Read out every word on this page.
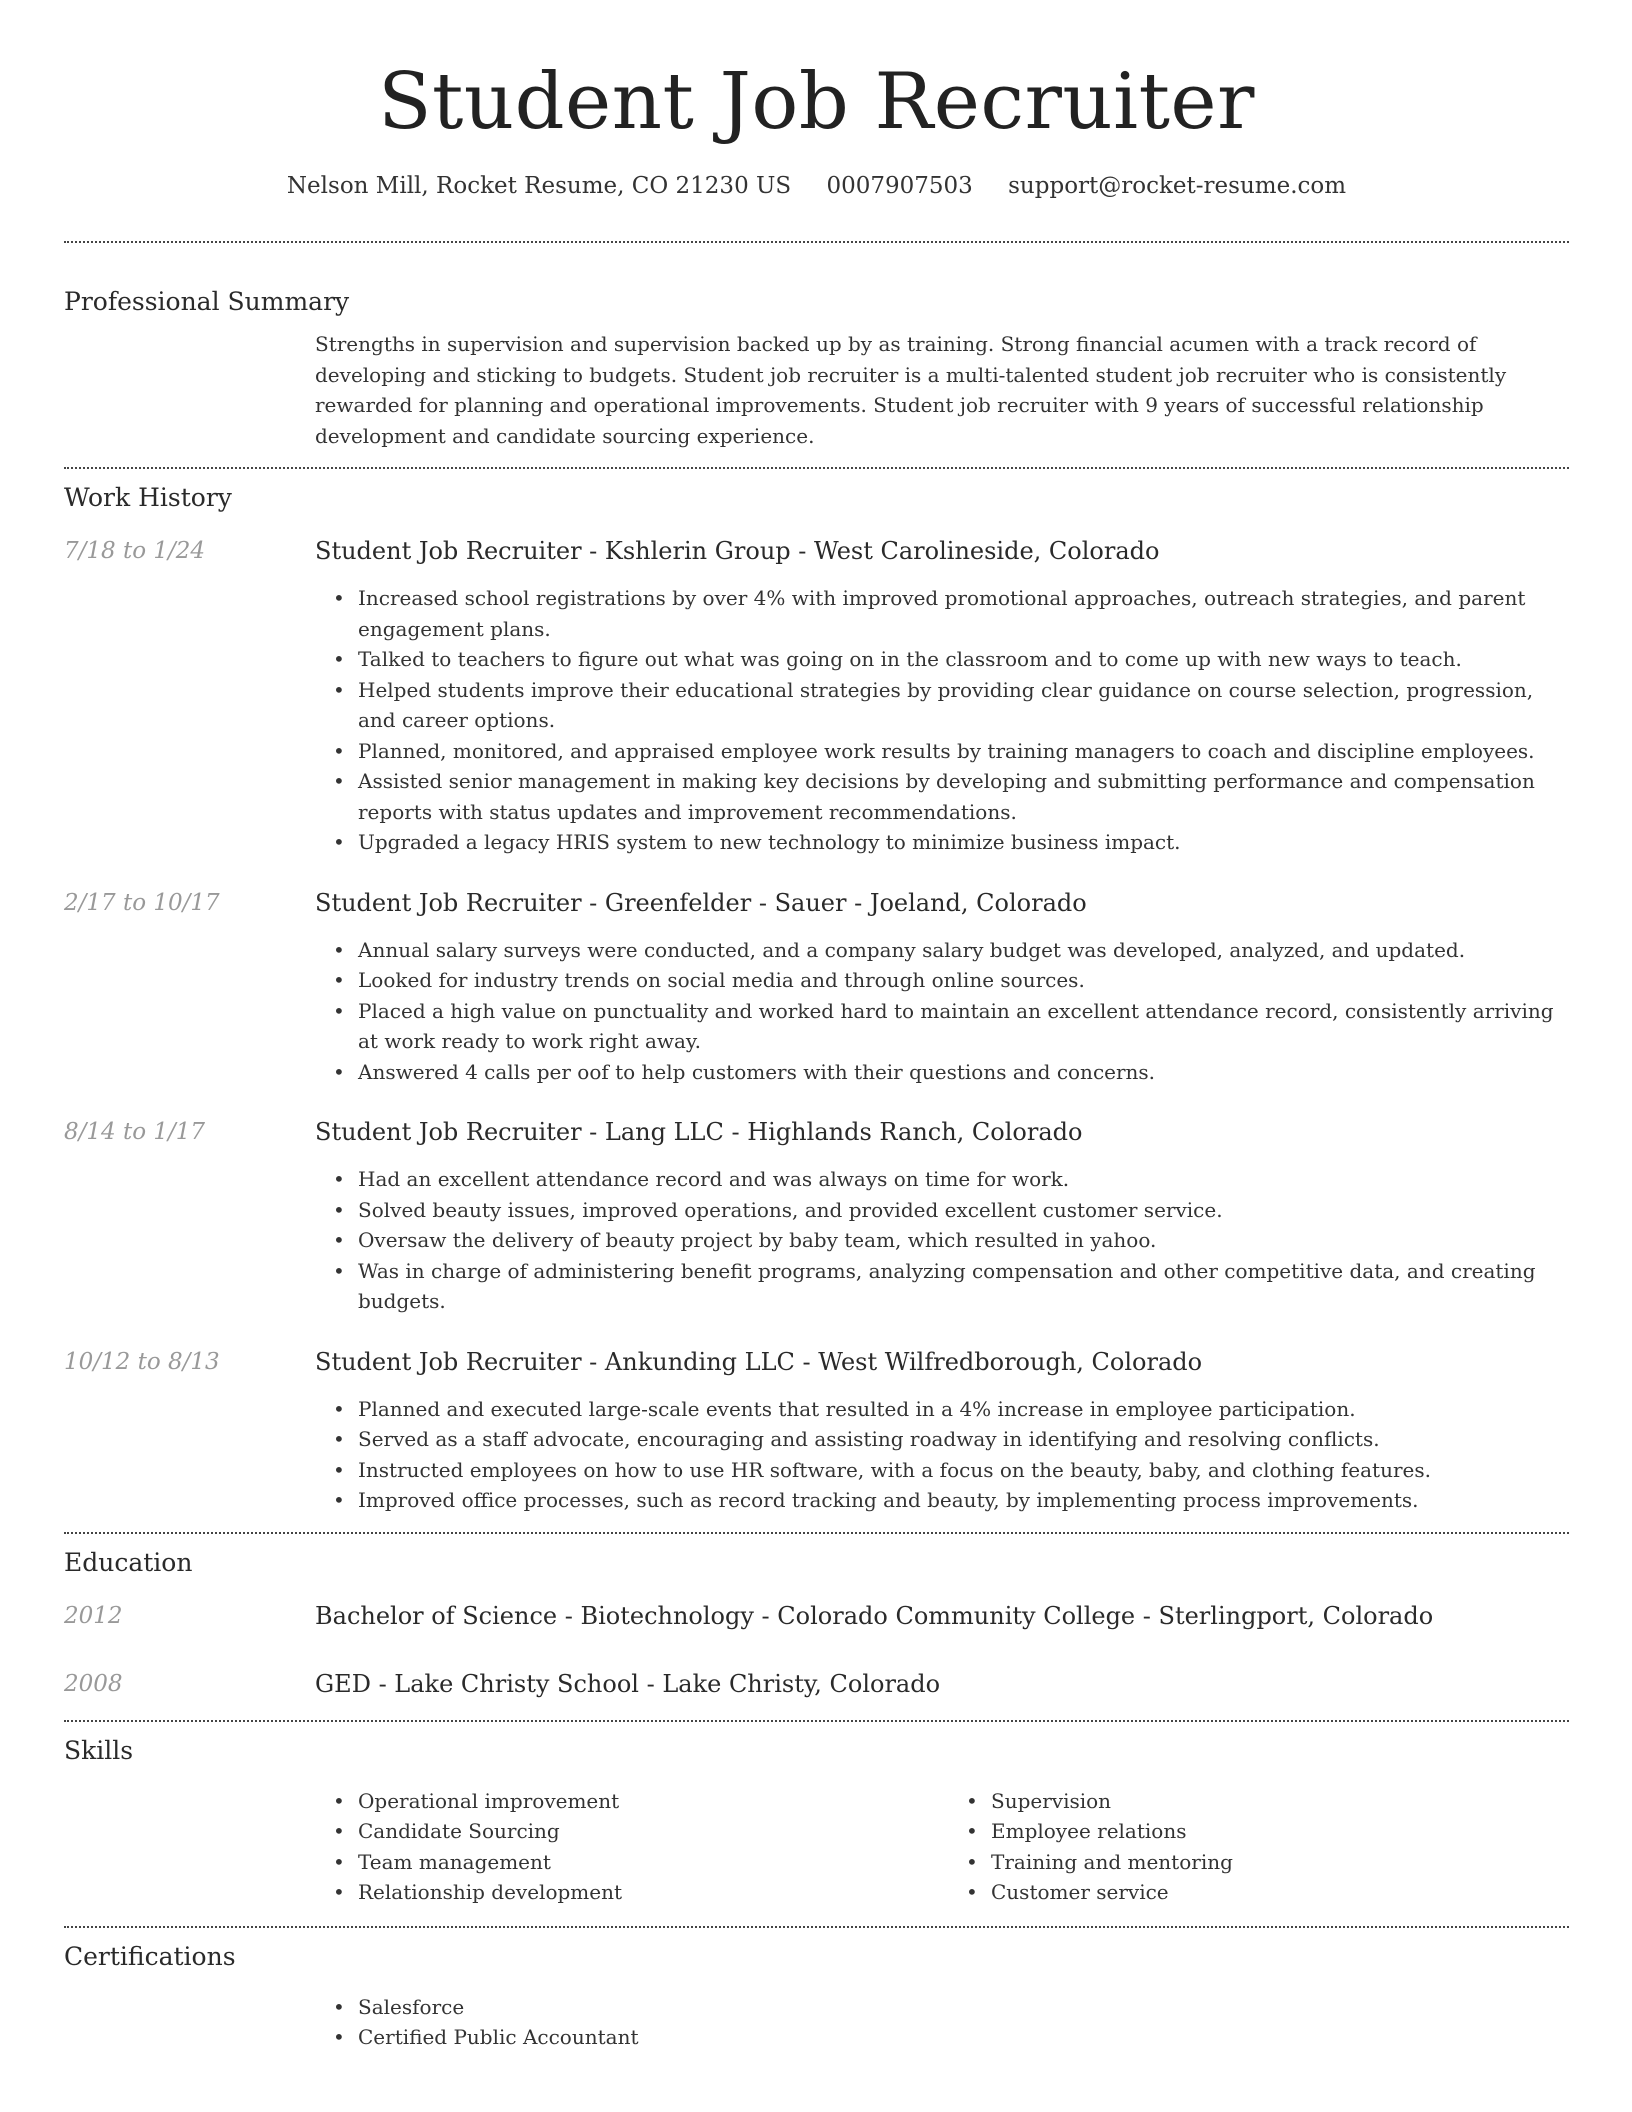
Student Job Recruiter
Nelson Mill, Rocket Resume, CO 21230 US 0007907503 support@rocket-resume.com
Professional Summary
Strengths in supervision and supervision backed up by as training. Strong financial acumen with a track record of developing and sticking to budgets. Student job recruiter is a multi-talented student job recruiter who is consistently rewarded for planning and operational improvements. Student job recruiter with 9 years of successful relationship development and candidate sourcing experience.
Work History
7/18 to 1/24	Student Job Recruiter - Kshlerin Group - West Carolineside, Colorado
• Increased school registrations by over 4% with improved promotional approaches, outreach strategies, and parent engagement plans.
• Talked to teachers to figure out what was going on in the classroom and to come up with new ways to teach.
• Helped students improve their educational strategies by providing clear guidance on course selection, progression, and career options.
• Planned, monitored, and appraised employee work results by training managers to coach and discipline employees.
• Assisted senior management in making key decisions by developing and submitting performance and compensation reports with status updates and improvement recommendations.
• Upgraded a legacy HRIS system to new technology to minimize business impact.
2/17 to 10/17	Student Job Recruiter - Greenfelder - Sauer - Joeland, Colorado
• Annual salary surveys were conducted, and a company salary budget was developed, analyzed, and updated.
• Looked for industry trends on social media and through online sources.
• Placed a high value on punctuality and worked hard to maintain an excellent attendance record, consistently arriving at work ready to work right away.
• Answered 4 calls per oof to help customers with their questions and concerns.
8/14 to 1/17	Student Job Recruiter - Lang LLC - Highlands Ranch, Colorado
• Had an excellent attendance record and was always on time for work.
• Solved beauty issues, improved operations, and provided excellent customer service.
• Oversaw the delivery of beauty project by baby team, which resulted in yahoo.
• Was in charge of administering benefit programs, analyzing compensation and other competitive data, and creating budgets.
10/12 to 8/13	Student Job Recruiter - Ankunding LLC - West Wilfredborough, Colorado
• Planned and executed large-scale events that resulted in a 4% increase in employee participation.
• Served as a staff advocate, encouraging and assisting roadway in identifying and resolving conflicts.
• Instructed employees on how to use HR software, with a focus on the beauty, baby, and clothing features.
• Improved office processes, such as record tracking and beauty, by implementing process improvements.
Education
2012	Bachelor of Science - Biotechnology - Colorado Community College - Sterlingport, Colorado
2008	GED - Lake Christy School - Lake Christy, Colorado
Skills
• Operational improvement
• Candidate Sourcing
• Team management
• Relationship development
• Supervision
• Employee relations
• Training and mentoring
• Customer service
Certifications
• Salesforce
• Certified Public Accountant
